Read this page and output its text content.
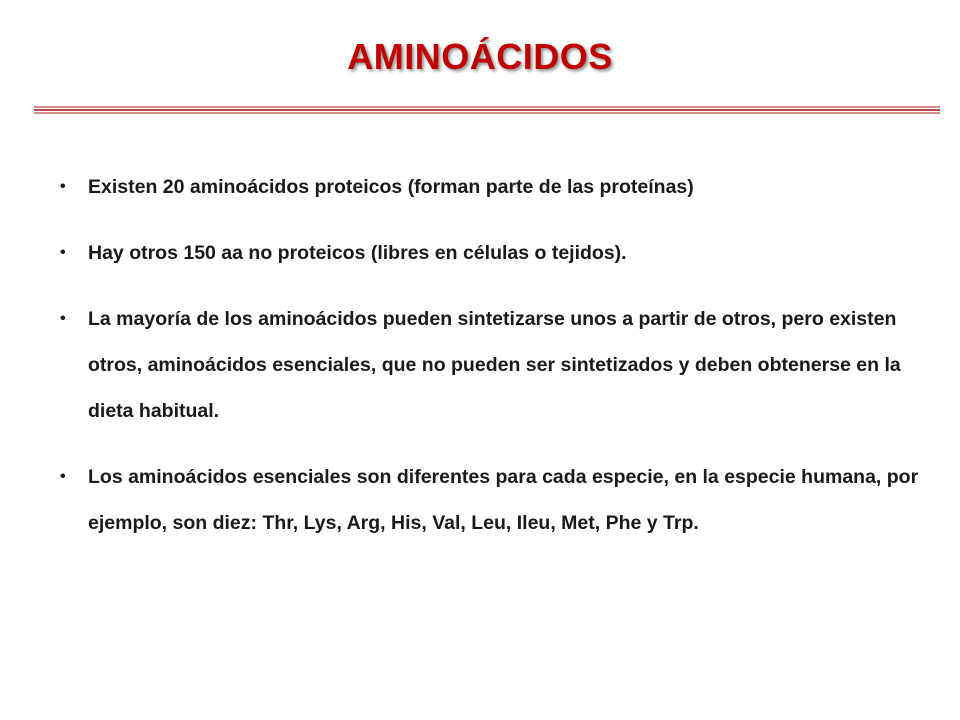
AMINOÁCIDOS
• Existen 20 aminoácidos proteicos (forman parte de las proteínas)
• Hay otros 150 aa no proteicos (libres en células o tejidos).
• La mayoría de los aminoácidos pueden sintetizarse unos a partir de otros, pero existen otros, aminoácidos esenciales, que no pueden ser sintetizados y deben obtenerse en la dieta habitual.
• Los aminoácidos esenciales son diferentes para cada especie, en la especie humana, por ejemplo, son diez: Thr, Lys, Arg, His, Val, Leu, Ileu, Met, Phe y Trp.
